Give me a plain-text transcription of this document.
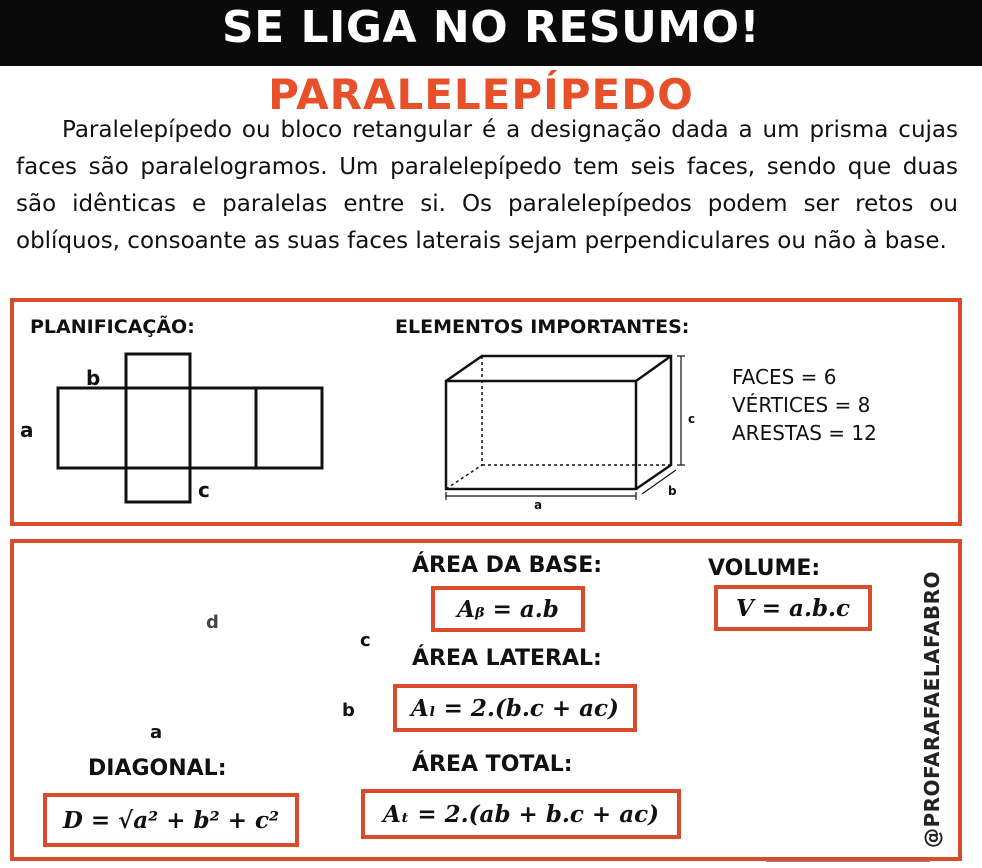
SE LIGA NO RESUMO!
PARALELEPÍPEDO
Paralelepípedo ou bloco retangular é a designação dada a um prisma cujas faces são paralelogramos. Um paralelepípedo tem seis faces, sendo que duas são idênticas e paralelas entre si. Os paralelepípedos podem ser retos ou oblíquos, consoante as suas faces laterais sejam perpendiculares ou não à base.
PLANIFICAÇÃO:	ELEMENTOS IMPORTANTES:
b
a
c
a
b
c
FACES = 6
VÉRTICES = 8
ARESTAS = 12
d
c
b
a
ÁREA DA BASE:
Aᵦ = a.b
VOLUME:
V = a.b.c
ÁREA LATERAL:
Aₗ = 2.(b.c + ac)
ÁREA TOTAL:
Aₜ = 2.(ab + b.c + ac)
DIAGONAL:
D = √a² + b² + c²	@PROFARAFAELAFABRO
